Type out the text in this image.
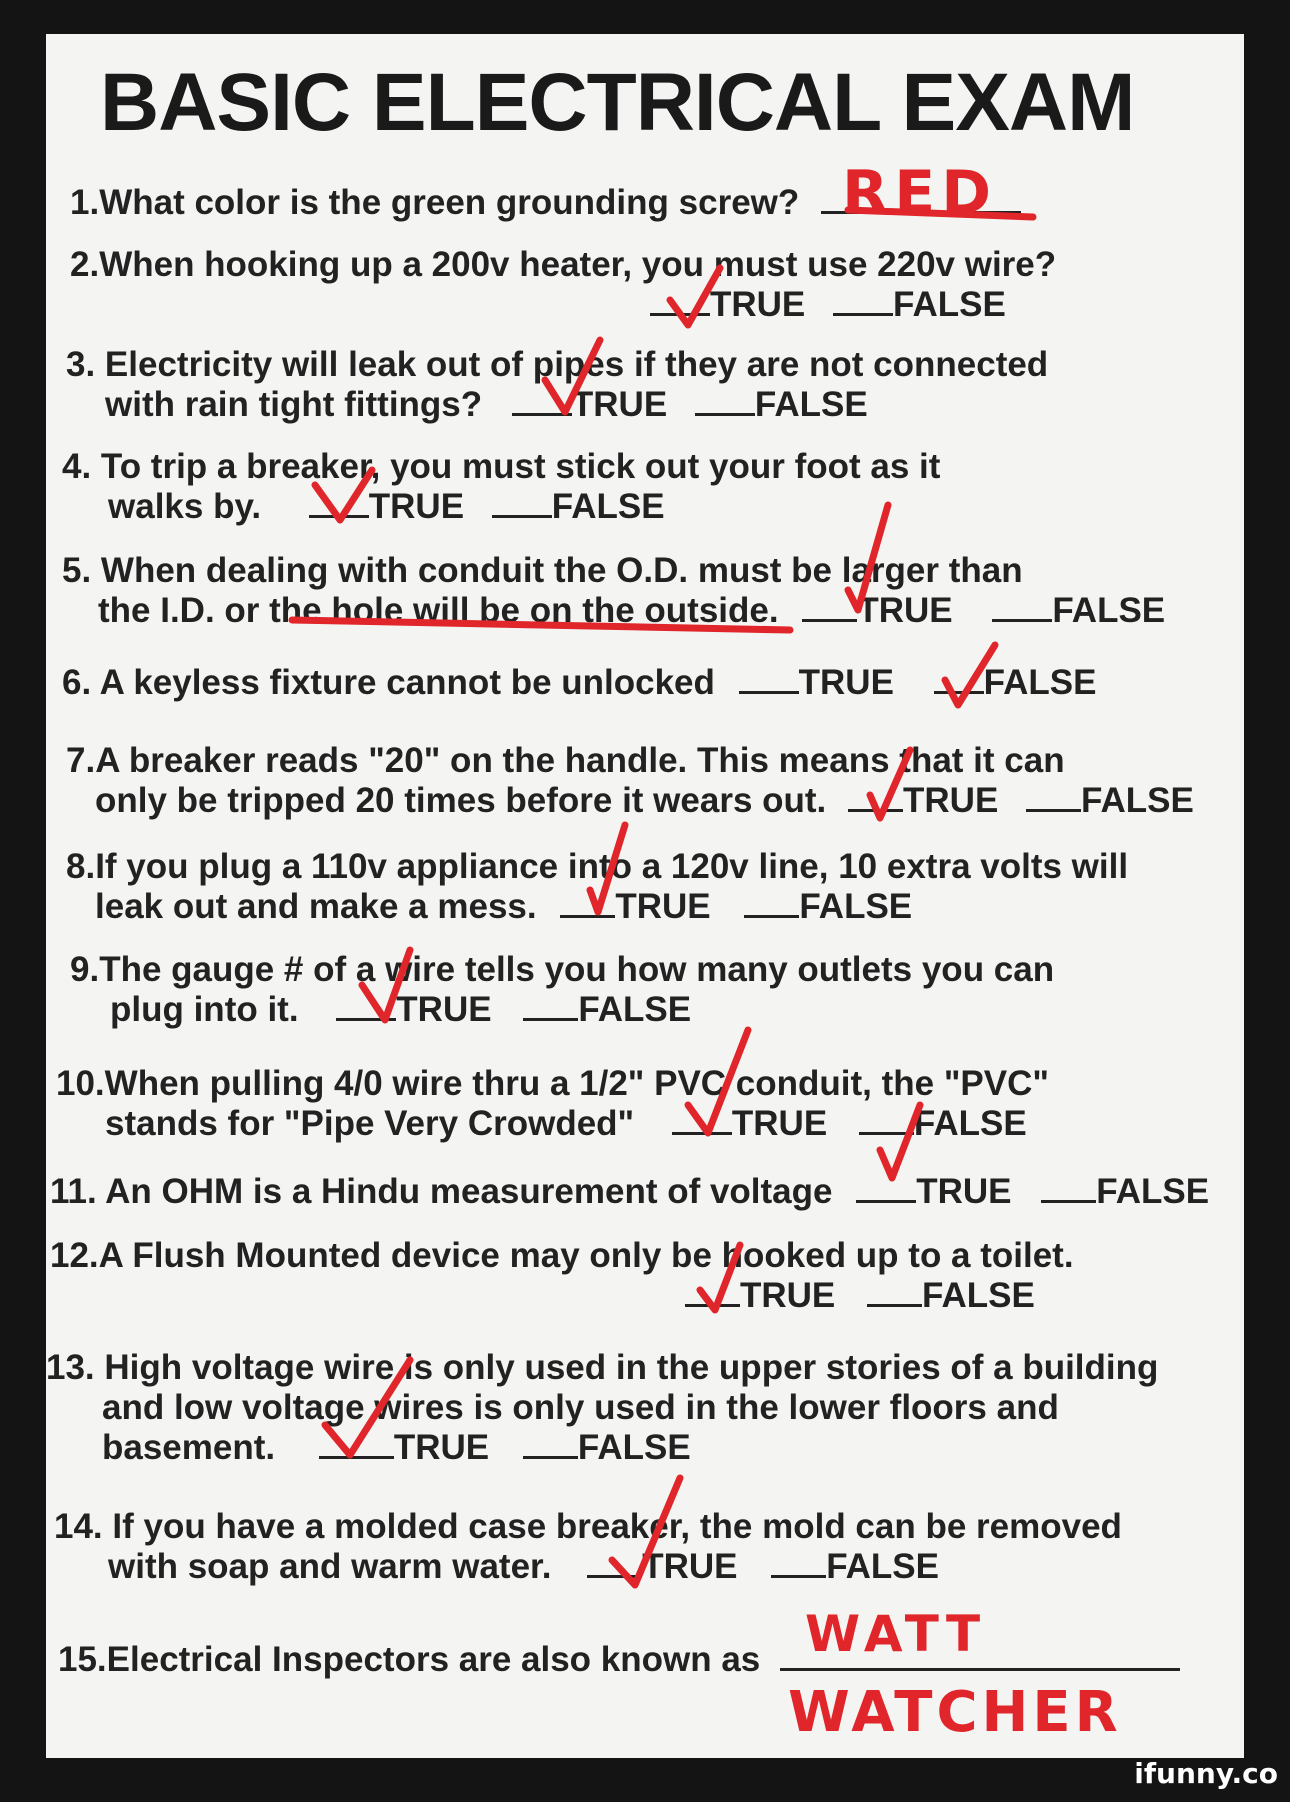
BASIC ELECTRICAL EXAM

1.What color is the green grounding screw? RED

2.When hooking up a 200v heater, you must use 220v wire?

TRUE	FALSE

3. Electricity will leak out of pipes if they are not connected

with rain tight fittings?	TRUE	FALSE

4. To trip a breaker, you must stick out your foot as it

walks by.	TRUE	FALSE

5. When dealing with conduit the O.D. must be larger than

the I.D. or the hole will be on the outside. TRUE	FALSE

6. A keyless fixture cannot be unlocked TRUE	FALSE

7.A breaker reads "20" on the handle. This means that it can

only be tripped 20 times before it wears out. TRUE FALSE

8.If you plug a 110v appliance into a 120v line, 10 extra volts will

leak out and make a mess. TRUE	FALSE

9.The gauge # of a wire tells you how many outlets you can

plug into it.	TRUE FALSE

10.When pulling 4/0 wire thru a 1/2" PVC conduit, the "PVC"

stands for "Pipe Very Crowded"	TRUE FALSE

11. An OHM is a Hindu measurement of voltage TRUE FALSE

12.A Flush Mounted device may only be hooked up to a toilet.

TRUE FALSE

13. High voltage wire is only used in the upper stories of a building

and low voltage wires is only used in the lower floors and

basement.	TRUE	FALSE

14. If you have a molded case breaker, the mold can be removed

with soap and warm water.	TRUE	FALSE

15.Electrical Inspectors are also known as WATT

WATCHER

ifunny.co
